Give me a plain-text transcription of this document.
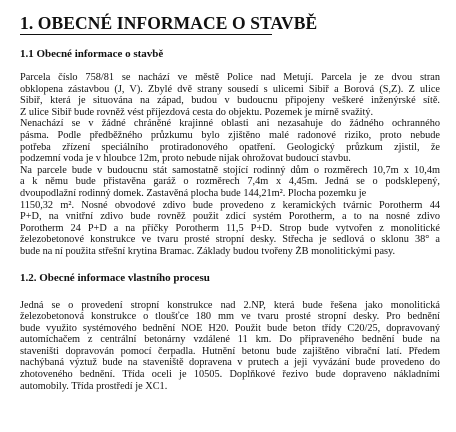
1. OBECNÉ INFORMACE O STAVBĚ
1.1 Obecné informace o stavbě
Parcela číslo 758/81 se nachází ve městě Police nad Metují. Parcela je ze dvou stran
obklopena zástavbou (J, V). Zbylé dvě strany sousedí s ulicemi Sibiř a Borová (S,Z). Z ulice
Sibiř, která je situována na západ, budou v budoucnu připojeny veškeré inženýrské sítě.
Z ulice Sibiř bude rovněž vést příjezdová cesta do objektu. Pozemek je mírně svažitý.
Nenachází se v žádné chráněné krajinné oblasti ani nezasahuje do žádného ochranného
pásma. Podle předběžného průzkumu bylo zjištěno malé radonové riziko, proto nebude
potřeba zřízení speciálního protiradonového opatření. Geologický průzkum zjistil, že
podzemní voda je v hloubce 12m, proto nebude nijak ohrožovat budoucí stavbu.
Na parcele bude v budoucnu stát samostatně stojící rodinný dům o rozměrech 10,7m x 10,4m
a k němu bude přistavěna garáž o rozměrech 7,4m x 4,45m. Jedná se o podsklepený,
dvoupodlažní rodinný domek. Zastavěná plocha bude 144,21m². Plocha pozemku je
1150,32 m². Nosné obvodové zdivo bude provedeno z keramických tvárnic Porotherm 44
P+D, na vnitřní zdivo bude rovněž použit zdicí systém Porotherm, a to na nosné zdivo
Porotherm 24 P+D a na příčky Porotherm 11,5 P+D. Strop bude vytvořen z monolitické
železobetonové konstrukce ve tvaru prosté stropní desky. Střecha je sedlová o sklonu 38° a
bude na ní použita střešní krytina Bramac. Základy budou tvořeny ŽB monolitickými pasy.
1.2. Obecné informace vlastního procesu
Jedná se o provedení stropní konstrukce nad 2.NP, která bude řešena jako monolitická
železobetonová konstrukce o tloušťce 180 mm ve tvaru prosté stropní desky. Pro bednění
bude využito systémového bednění NOE H20. Použit bude beton třídy C20/25, dopravovaný
automíchačem z centrální betonárny vzdálené 11 km. Do připraveného bednění bude na
staveništi dopravován pomocí čerpadla. Hutnění betonu bude zajištěno vibrační latí. Předem
nachýbaná výztuž bude na staveniště dopravena v prutech a jeji vyvázání bude provedeno do
zhotoveného bednění. Třída oceli je 10505. Doplňkové řezivo bude dopraveno nákladními
automobily. Třída prostředí je XC1.
